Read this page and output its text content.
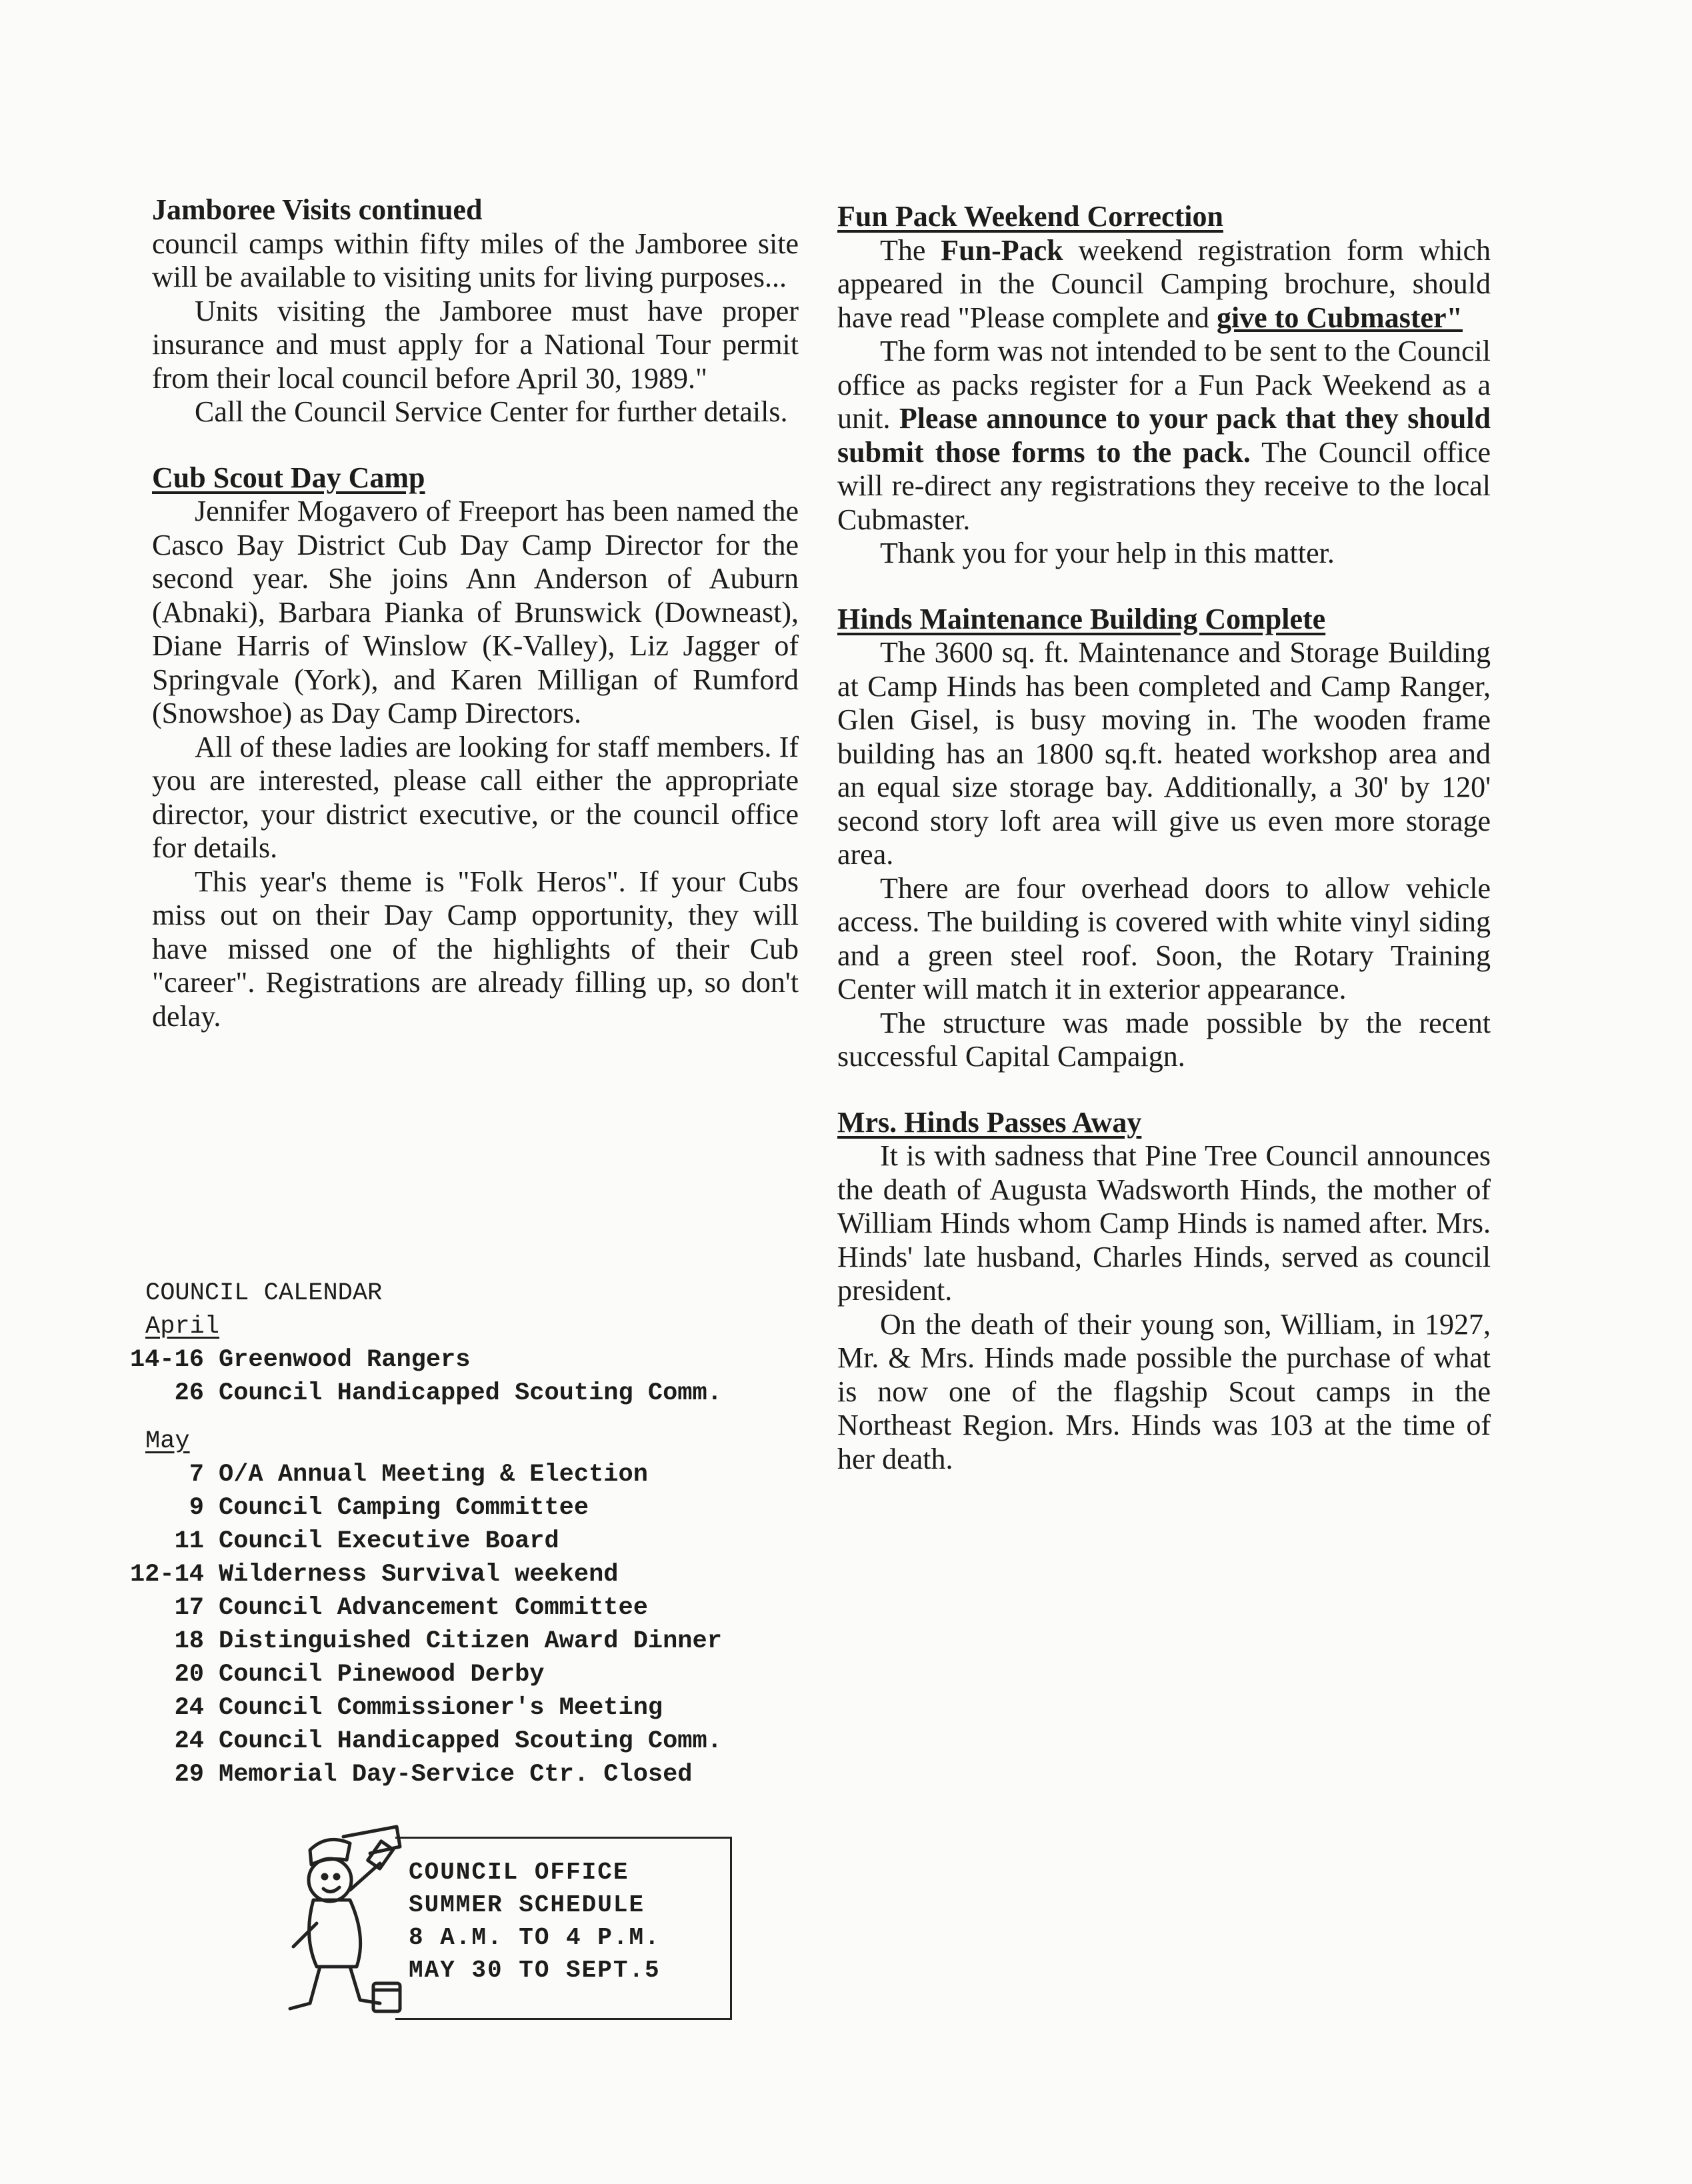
Jamboree Visits continued

council camps within fifty miles of the Jamboree site will be available to visiting units for living purposes...

Units visiting the Jamboree must have proper insurance and must apply for a National Tour permit from their local council before April 30, 1989."

Call the Council Service Center for further details.

Cub Scout Day Camp

Jennifer Mogavero of Freeport has been named the Casco Bay District Cub Day Camp Director for the second year. She joins Ann Anderson of Auburn (Abnaki), Barbara Pianka of Brunswick (Downeast), Diane Harris of Winslow (K-Valley), Liz Jagger of Springvale (York), and Karen Milligan of Rumford (Snowshoe) as Day Camp Directors.

All of these ladies are looking for staff members. If you are interested, please call either the appropriate director, your district executive, or the council office for details.

This year's theme is "Folk Heros". If your Cubs miss out on their Day Camp opportunity, they will have missed one of the highlights of their Cub "career". Registrations are already filling up, so don't delay.

COUNCIL CALENDAR
April
14-16 Greenwood Rangers
26 Council Handicapped Scouting Comm.
May
7 O/A Annual Meeting & Election
9 Council Camping Committee
11 Council Executive Board
12-14 Wilderness Survival weekend
17 Council Advancement Committee
18 Distinguished Citizen Award Dinner
20 Council Pinewood Derby
24 Council Commissioner's Meeting
24 Council Handicapped Scouting Comm.
29 Memorial Day-Service Ctr. Closed
COUNCIL OFFICE
SUMMER SCHEDULE
8 A.M. TO 4 P.M.
MAY 30 TO SEPT.5
Fun Pack Weekend Correction

The Fun-Pack weekend registration form which appeared in the Council Camping brochure, should have read "Please complete and give to Cubmaster"

The form was not intended to be sent to the Council office as packs register for a Fun Pack Weekend as a unit. Please announce to your pack that they should submit those forms to the pack. The Council office will re-direct any registrations they receive to the local Cubmaster.

Thank you for your help in this matter.

Hinds Maintenance Building Complete

The 3600 sq. ft. Maintenance and Storage Building at Camp Hinds has been completed and Camp Ranger, Glen Gisel, is busy moving in. The wooden frame building has an 1800 sq.ft. heated workshop area and an equal size storage bay. Additionally, a 30' by 120' second story loft area will give us even more storage area.

There are four overhead doors to allow vehicle access. The building is covered with white vinyl siding and a green steel roof. Soon, the Rotary Training Center will match it in exterior appearance.

The structure was made possible by the recent successful Capital Campaign.

Mrs. Hinds Passes Away

It is with sadness that Pine Tree Council announces the death of Augusta Wadsworth Hinds, the mother of William Hinds whom Camp Hinds is named after. Mrs. Hinds' late husband, Charles Hinds, served as council president.

On the death of their young son, William, in 1927, Mr. & Mrs. Hinds made possible the purchase of what is now one of the flagship Scout camps in the Northeast Region. Mrs. Hinds was 103 at the time of her death.
